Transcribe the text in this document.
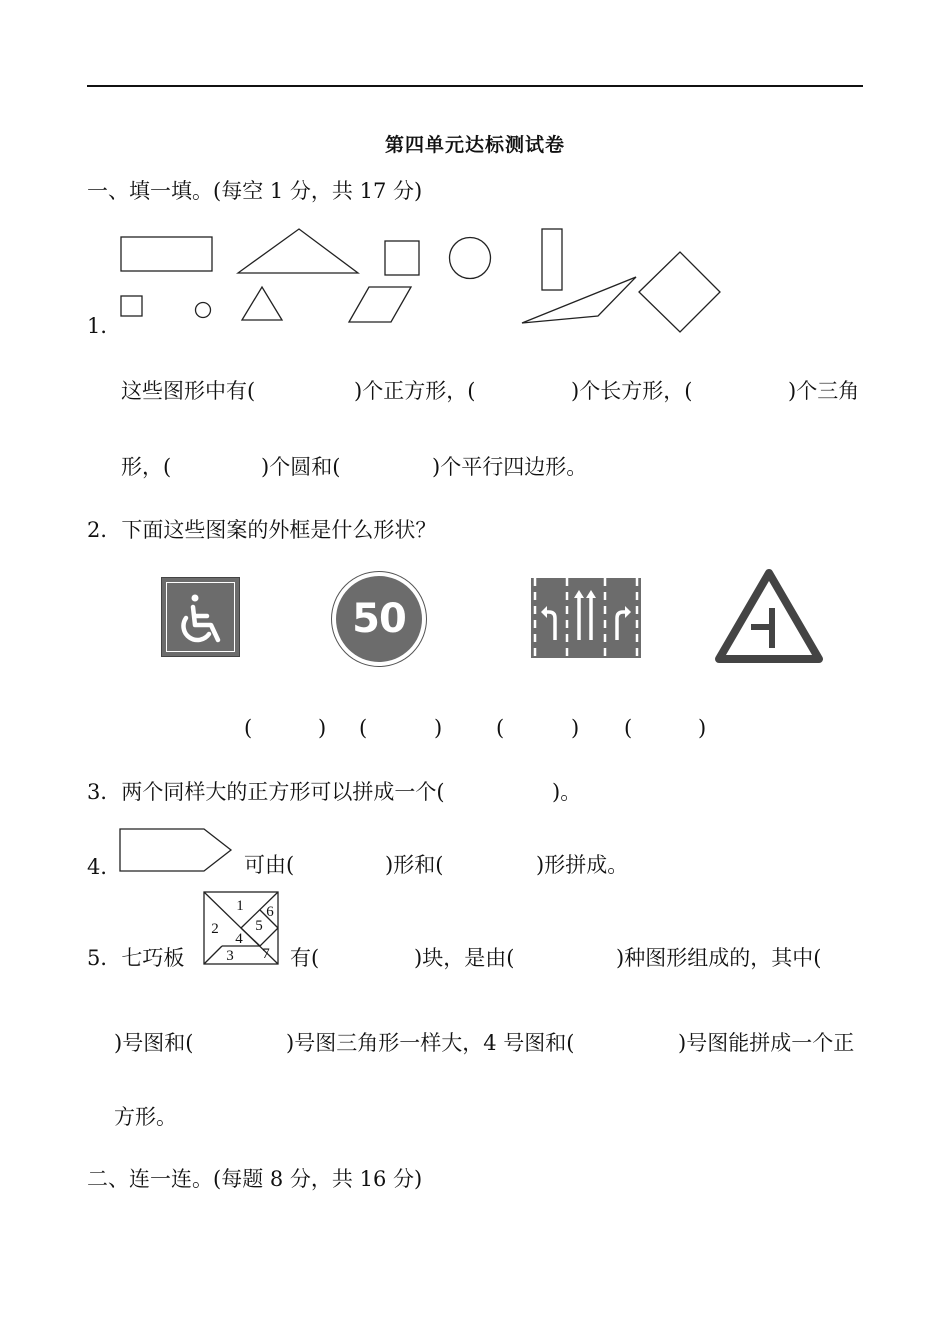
第四单元达标测试卷
一、填一填。(每空 1 分，共 17 分)
1．
这些图形中有(	)个正方形，(	)个长方形，(	)个三角
形，(	)个圆和(	)个平行四边形。
2．下面这些图案的外框是什么形状？
50
(	) (	)	(	) (	)
3．两个同样大的正方形可以拼成一个(	)。
4．	可由(	)形和(	)形拼成。
5．七巧板
1
2
3
4
5
6
7 有(	)块，是由(	)种图形组成的，其中(
)号图和(	)号图三角形一样大，4 号图和(	)号图能拼成一个正
方形。
二、连一连。(每题 8 分，共 16 分)
